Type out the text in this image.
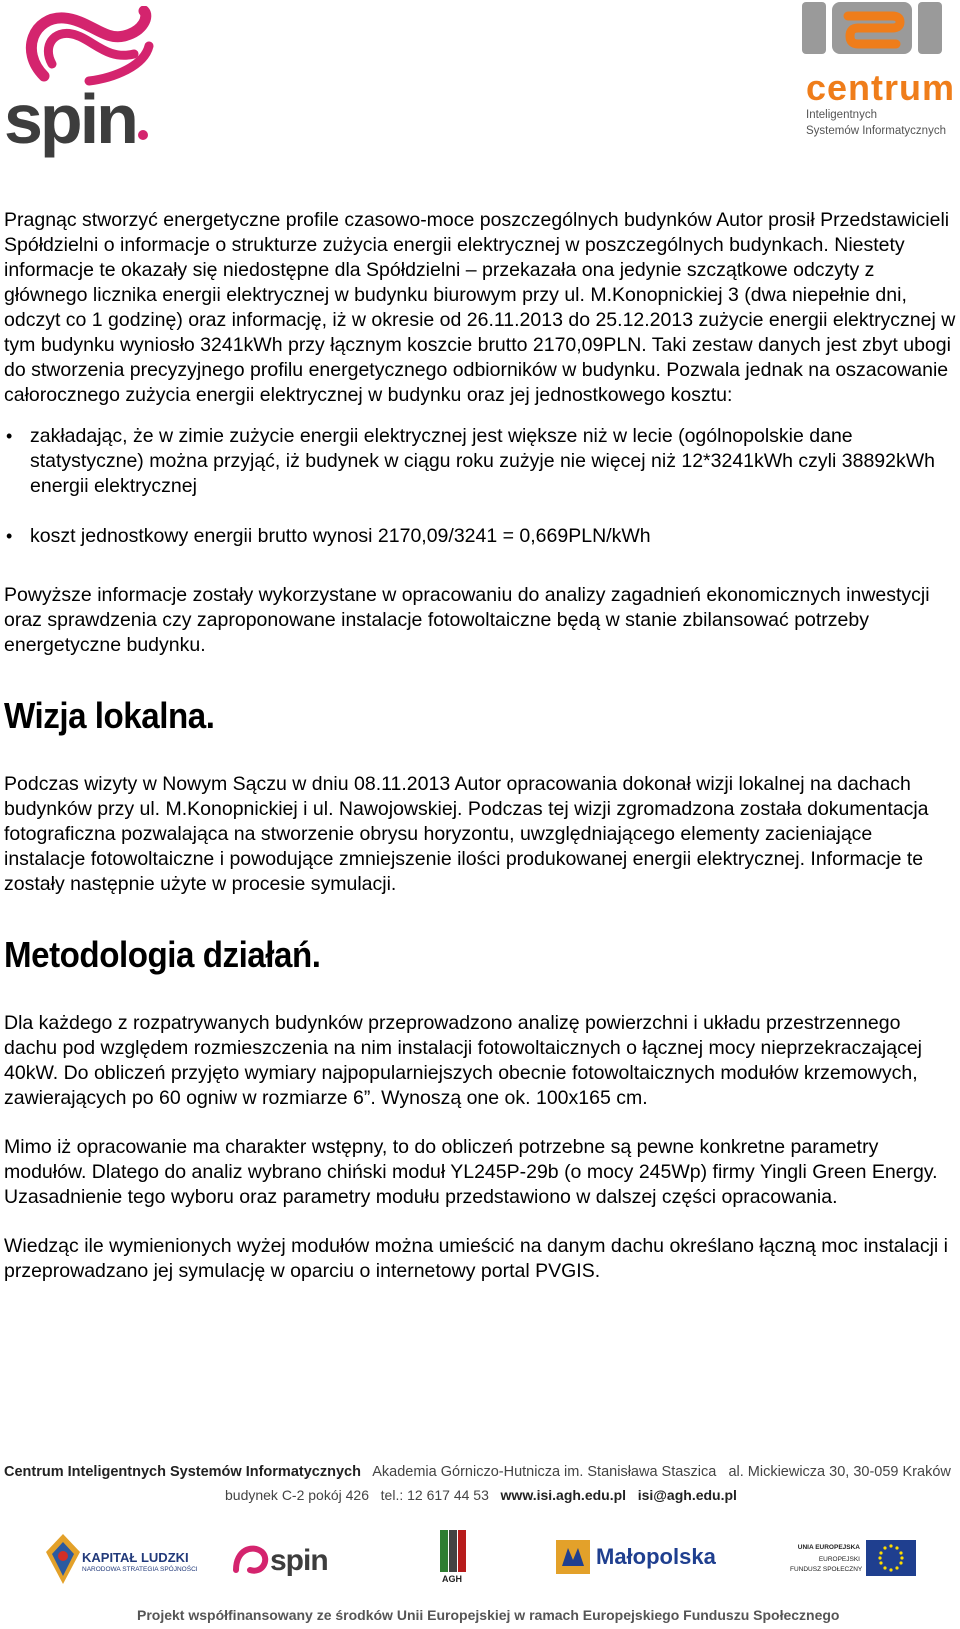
spin	centrum
Inteligentnych
Systemów Informatycznych

Pragnąc stworzyć energetyczne profile czasowo-moce poszczególnych budynków Autor prosił Przedstawicieli Spółdzielni o informacje o strukturze zużycia energii elektrycznej w poszczególnych budynkach. Niestety informacje te okazały się niedostępne dla Spółdzielni – przekazała ona jedynie szczątkowe odczyty z głównego licznika energii elektrycznej w budynku biurowym przy ul. M.Konopnickiej 3 (dwa niepełnie dni, odczyt co 1 godzinę) oraz informację, iż w okresie od 26.11.2013 do 25.12.2013 zużycie energii elektrycznej w tym budynku wyniosło 3241kWh przy łącznym koszcie brutto 2170,09PLN. Taki zestaw danych jest zbyt ubogi do stworzenia precyzyjnego profilu energetycznego odbiorników w budynku. Pozwala jednak na oszacowanie całorocznego zużycia energii elektrycznej w budynku oraz jej jednostkowego kosztu:

• zakładając, że w zimie zużycie energii elektrycznej jest większe niż w lecie (ogólnopolskie dane statystyczne) można przyjąć, iż budynek w ciągu roku zużyje nie więcej niż 12*3241kWh czyli 38892kWh energii elektrycznej
• koszt jednostkowy energii brutto wynosi 2170,09/3241 = 0,669PLN/kWh

Powyższe informacje zostały wykorzystane w opracowaniu do analizy zagadnień ekonomicznych inwestycji oraz sprawdzenia czy zaproponowane instalacje fotowoltaiczne będą w stanie zbilansować potrzeby energetyczne budynku.

Wizja lokalna.

Podczas wizyty w Nowym Sączu w dniu 08.11.2013 Autor opracowania dokonał wizji lokalnej na dachach budynków przy ul. M.Konopnickiej i ul. Nawojowskiej. Podczas tej wizji zgromadzona została dokumentacja fotograficzna pozwalająca na stworzenie obrysu horyzontu, uwzględniającego elementy zacieniające instalacje fotowoltaiczne i powodujące zmniejszenie ilości produkowanej energii elektrycznej. Informacje te zostały następnie użyte w procesie symulacji.

Metodologia działań.

Dla każdego z rozpatrywanych budynków przeprowadzono analizę powierzchni i układu przestrzennego dachu pod względem rozmieszczenia na nim instalacji fotowoltaicznych o łącznej mocy nieprzekraczającej 40kW. Do obliczeń przyjęto wymiary najpopularniejszych obecnie fotowoltaicznych modułów krzemowych, zawierających po 60 ogniw w rozmiarze 6”. Wynoszą one ok. 100x165 cm.

Mimo iż opracowanie ma charakter wstępny, to do obliczeń potrzebne są pewne konkretne parametry modułów. Dlatego do analiz wybrano chiński moduł YL245P-29b (o mocy 245Wp) firmy Yingli Green Energy. Uzasadnienie tego wyboru oraz parametry modułu przedstawiono w dalszej części opracowania.

Wiedząc ile wymienionych wyżej modułów można umieścić na danym dachu określano łączną moc instalacji i przeprowadzano jej symulację w oparciu o internetowy portal PVGIS.

Centrum Inteligentnych Systemów Informatycznych Akademia Górniczo-Hutnicza im. Stanisława Staszica al. Mickiewicza 30, 30-059 Kraków
budynek C-2 pokój 426 tel.: 12 617 44 53 www.isi.agh.edu.pl isi@agh.edu.pl
KAPITAŁ LUDZKI
NARODOWA STRATEGIA SPÓJNOŚCI spin
AGH
Małopolska	UNIA EUROPEJSKA
EUROPEJSKI
FUNDUSZ SPOŁECZNY
Projekt współfinansowany ze środków Unii Europejskiej w ramach Europejskiego Funduszu Społecznego
